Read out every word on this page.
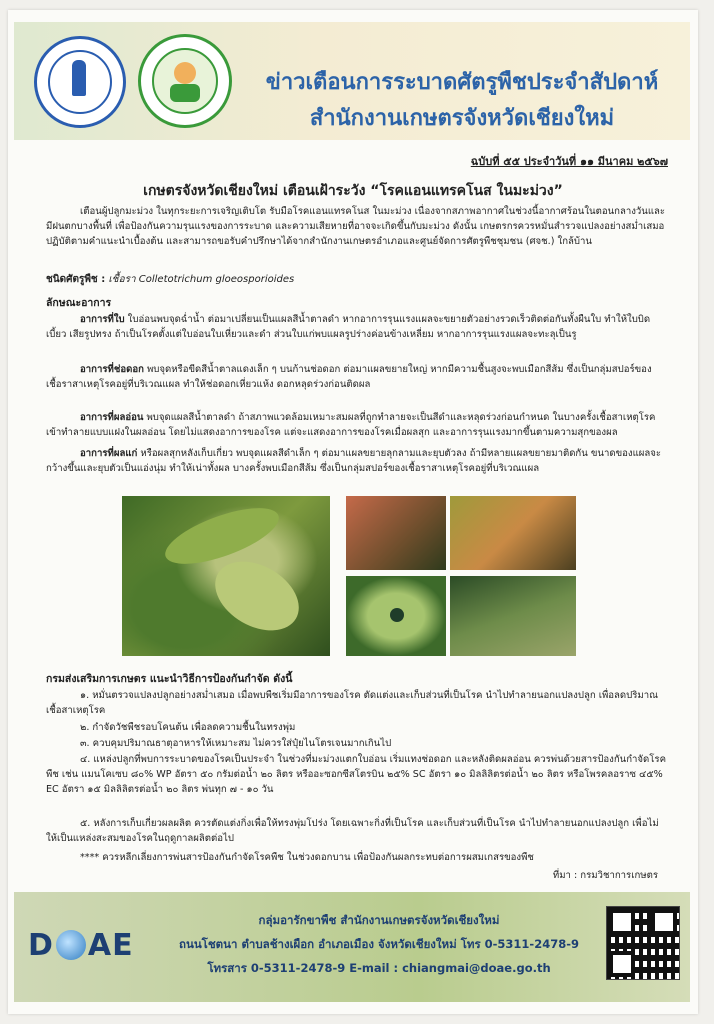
ข่าวเตือนการระบาดศัตรูพืชประจำสัปดาห์
สำนักงานเกษตรจังหวัดเชียงใหม่
ฉบับที่ ๕๕ ประจำวันที่ ๑๑ มีนาคม ๒๕๖๗
เกษตรจังหวัดเชียงใหม่ เตือนเฝ้าระวัง “โรคแอนแทรคโนส ในมะม่วง”
เตือนผู้ปลูกมะม่วง ในทุกระยะการเจริญเติบโต รับมือโรคแอนแทรคโนส ในมะม่วง เนื่องจากสภาพอากาศในช่วงนี้อากาศร้อนในตอนกลางวันและมีฝนตกบางพื้นที่ เพื่อป้องกันความรุนแรงของการระบาด และความเสียหายที่อาจจะเกิดขึ้นกับมะม่วง ดังนั้น เกษตรกรควรหมั่นสำรวจแปลงอย่างสม่ำเสมอ ปฏิบัติตามคำแนะนำเบื้องต้น และสามารถขอรับคำปรึกษาได้จากสำนักงานเกษตรอำเภอและศูนย์จัดการศัตรูพืชชุมชน (ศจช.) ใกล้บ้าน
ชนิดศัตรูพืช : เชื้อรา Colletotrichum gloeosporioides
ลักษณะอาการ
อาการที่ใบ ใบอ่อนพบจุดฉ่ำน้ำ ต่อมาเปลี่ยนเป็นแผลสีน้ำตาลดำ หากอาการรุนแรงแผลจะขยายตัวอย่างรวดเร็วติดต่อกันทั้งผืนใบ ทำให้ใบบิดเบี้ยว เสียรูปทรง ถ้าเป็นโรคตั้งแต่ใบอ่อนใบเหี่ยวและดำ ส่วนใบแก่พบแผลรูปร่างค่อนข้างเหลี่ยม หากอาการรุนแรงแผลจะทะลุเป็นรู
อาการที่ช่อดอก พบจุดหรือขีดสีน้ำตาลแดงเล็ก ๆ บนก้านช่อดอก ต่อมาแผลขยายใหญ่ หากมีความชื้นสูงจะพบเมือกสีส้ม ซึ่งเป็นกลุ่มสปอร์ของเชื้อราสาเหตุโรคอยู่ที่บริเวณแผล ทำให้ช่อดอกเหี่ยวแห้ง ดอกหลุดร่วงก่อนติดผล
อาการที่ผลอ่อน พบจุดแผลสีน้ำตาลดำ ถ้าสภาพแวดล้อมเหมาะสมผลที่ถูกทำลายจะเป็นสีดำและหลุดร่วงก่อนกำหนด ในบางครั้งเชื้อสาเหตุโรคเข้าทำลายแบบแฝงในผลอ่อน โดยไม่แสดงอาการของโรค แต่จะแสดงอาการของโรคเมื่อผลสุก และอาการรุนแรงมากขึ้นตามความสุกของผล
อาการที่ผลแก่ หรือผลสุกหลังเก็บเกี่ยว พบจุดแผลสีดำเล็ก ๆ ต่อมาแผลขยายลุกลามและยุบตัวลง ถ้ามีหลายแผลขยายมาติดกัน ขนาดของแผลจะกว้างขึ้นและยุบตัวเป็นแอ่งนุ่ม ทำให้เน่าทั้งผล บางครั้งพบเมือกสีส้ม ซึ่งเป็นกลุ่มสปอร์ของเชื้อราสาเหตุโรคอยู่ที่บริเวณแผล
กรมส่งเสริมการเกษตร แนะนำวิธีการป้องกันกำจัด ดังนี้
๑. หมั่นตรวจแปลงปลูกอย่างสม่ำเสมอ เมื่อพบพืชเริ่มมีอาการของโรค ตัดแต่งและเก็บส่วนที่เป็นโรค นำไปทำลายนอกแปลงปลูก เพื่อลดปริมาณเชื้อสาเหตุโรค
๒. กำจัดวัชพืชรอบโคนต้น เพื่อลดความชื้นในทรงพุ่ม
๓. ควบคุมปริมาณธาตุอาหารให้เหมาะสม ไม่ควรใส่ปุ๋ยไนโตรเจนมากเกินไป
๔. แหล่งปลูกที่พบการระบาดของโรคเป็นประจำ ในช่วงที่มะม่วงแตกใบอ่อน เริ่มแทงช่อดอก และหลังติดผลอ่อน ควรพ่นด้วยสารป้องกันกำจัดโรคพืช เช่น แมนโคเซบ ๘๐% WP อัตรา ๕๐ กรัมต่อน้ำ ๒๐ ลิตร หรืออะซอกซีสโตรบิน ๒๕% SC อัตรา ๑๐ มิลลิลิตรต่อน้ำ ๒๐ ลิตร หรือโพรคลอราซ ๔๕% EC อัตรา ๑๕ มิลลิลิตรต่อน้ำ ๒๐ ลิตร พ่นทุก ๗ - ๑๐ วัน
๕. หลังการเก็บเกี่ยวผลผลิต ควรตัดแต่งกิ่งเพื่อให้ทรงพุ่มโปร่ง โดยเฉพาะกิ่งที่เป็นโรค และเก็บส่วนที่เป็นโรค นำไปทำลายนอกแปลงปลูก เพื่อไม่ให้เป็นแหล่งสะสมของโรคในฤดูกาลผลิตต่อไป
**** ควรหลีกเลี่ยงการพ่นสารป้องกันกำจัดโรคพืช ในช่วงดอกบาน เพื่อป้องกันผลกระทบต่อการผสมเกสรของพืช
ที่มา : กรมวิชาการเกษตร
D AE
กลุ่มอารักขาพืช สำนักงานเกษตรจังหวัดเชียงใหม่
ถนนโชตนา ตำบลช้างเผือก อำเภอเมือง จังหวัดเชียงใหม่ โทร 0-5311-2478-9
โทรสาร 0-5311-2478-9 E-mail : chiangmai@doae.go.th
